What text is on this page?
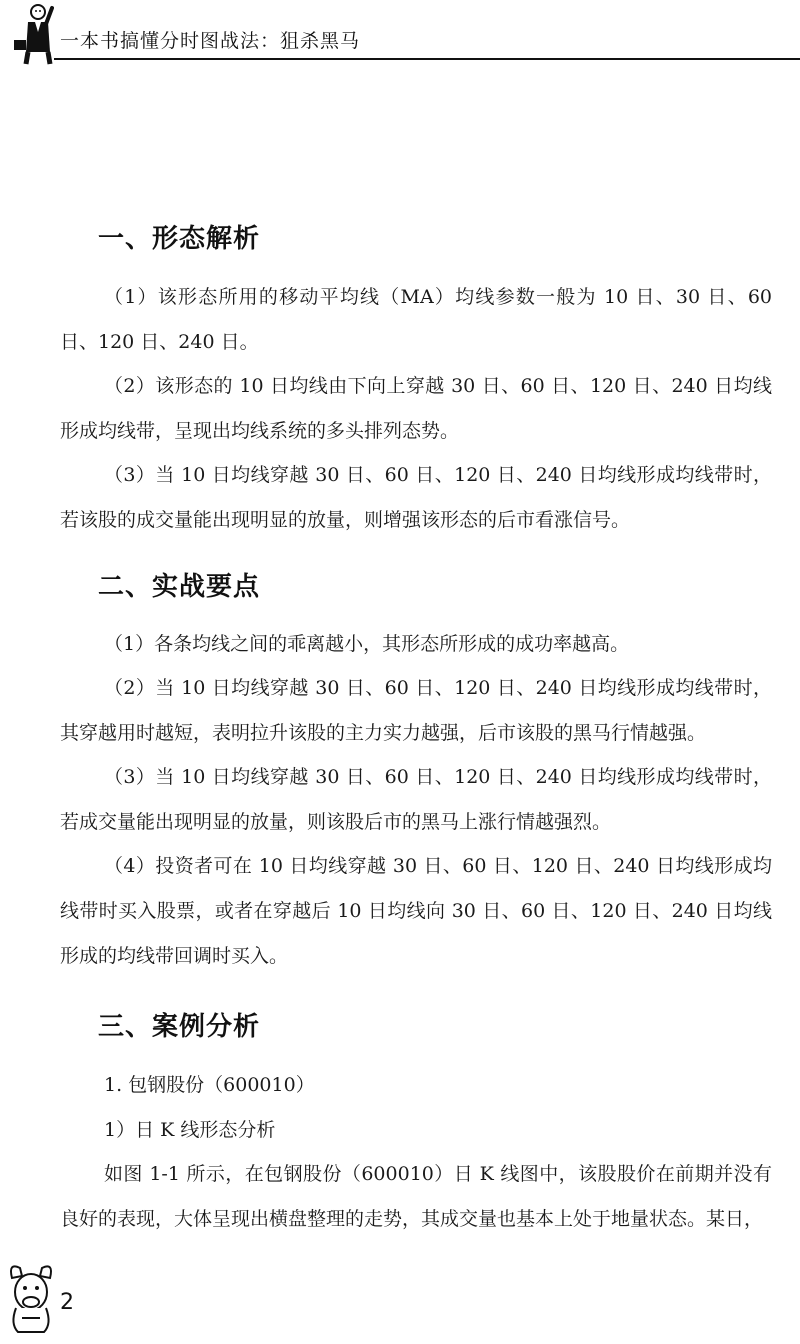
一本书搞懂分时图战法：狙杀黑马
一、形态解析
（1）该形态所用的移动平均线（MA）均线参数一般为 10 日、30 日、60 日、120 日、240 日。
（2）该形态的 10 日均线由下向上穿越 30 日、60 日、120 日、240 日均线形成均线带，呈现出均线系统的多头排列态势。
（3）当 10 日均线穿越 30 日、60 日、120 日、240 日均线形成均线带时，若该股的成交量能出现明显的放量，则增强该形态的后市看涨信号。
二、实战要点
（1）各条均线之间的乖离越小，其形态所形成的成功率越高。
（2）当 10 日均线穿越 30 日、60 日、120 日、240 日均线形成均线带时，其穿越用时越短，表明拉升该股的主力实力越强，后市该股的黑马行情越强。
（3）当 10 日均线穿越 30 日、60 日、120 日、240 日均线形成均线带时，若成交量能出现明显的放量，则该股后市的黑马上涨行情越强烈。
（4）投资者可在 10 日均线穿越 30 日、60 日、120 日、240 日均线形成均线带时买入股票，或者在穿越后 10 日均线向 30 日、60 日、120 日、240 日均线形成的均线带回调时买入。
三、案例分析
1. 包钢股份（600010）
1）日 K 线形态分析
如图 1-1 所示，在包钢股份（600010）日 K 线图中，该股股价在前期并没有良好的表现，大体呈现出横盘整理的走势，其成交量也基本上处于地量状态。某日，
2
